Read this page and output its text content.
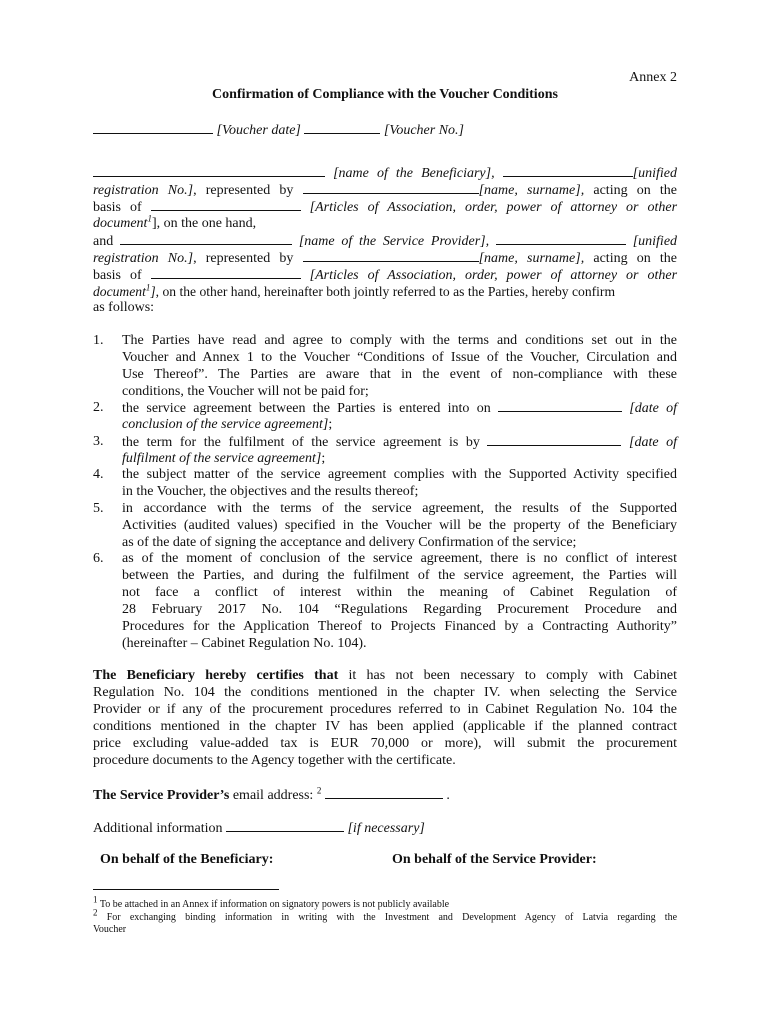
Annex 2
Confirmation of Compliance with the Voucher Conditions
[Voucher date]	[Voucher No.]
[name of the Beneficiary],	[unified
registration No.], represented by	[name, surname], acting on the
basis of	[Articles of Association, order, power of attorney or other
document$^1$], on the one hand,
and	[name of the Service Provider],	[unified
registration No.], represented by	[name, surname], acting on the
basis of	[Articles of Association, order, power of attorney or other
document$^1$], on the other hand, hereinafter both jointly referred to as the Parties, hereby confirm
as follows:
1. The Parties have read and agree to comply with the terms and conditions set out in the
Voucher and Annex 1 to the Voucher “Conditions of Issue of the Voucher, Circulation and
Use Thereof”. The Parties are aware that in the event of non-compliance with these
conditions, the Voucher will not be paid for;
2. the service agreement between the Parties is entered into on	[date of
conclusion of the service agreement];
3. the term for the fulfilment of the service agreement is by	[date of
fulfilment of the service agreement];
4. the subject matter of the service agreement complies with the Supported Activity specified
in the Voucher, the objectives and the results thereof;
5. in accordance with the terms of the service agreement, the results of the Supported
Activities (audited values) specified in the Voucher will be the property of the Beneficiary
as of the date of signing the acceptance and delivery Confirmation of the service;
6. as of the moment of conclusion of the service agreement, there is no conflict of interest
between the Parties, and during the fulfilment of the service agreement, the Parties will
not face a conflict of interest within the meaning of Cabinet Regulation of
28 February 2017 No. 104 “Regulations Regarding Procurement Procedure and
Procedures for the Application Thereof to Projects Financed by a Contracting Authority”
(hereinafter – Cabinet Regulation No. 104).
The Beneficiary hereby certifies that it has not been necessary to comply with Cabinet
Regulation No. 104 the conditions mentioned in the chapter IV. when selecting the Service
Provider or if any of the procurement procedures referred to in Cabinet Regulation No. 104 the
conditions mentioned in the chapter IV has been applied (applicable if the planned contract
price excluding value-added tax is EUR 70,000 or more), will submit the procurement
procedure documents to the Agency together with the certificate.
The Service Provider’s email address: $^2$	.
Additional information	[if necessary]
On behalf of the Beneficiary:	On behalf of the Service Provider:
$^1$ To be attached in an Annex if information on signatory powers is not publicly available
$^2$ For exchanging binding information in writing with the Investment and Development Agency of Latvia regarding the
Voucher
